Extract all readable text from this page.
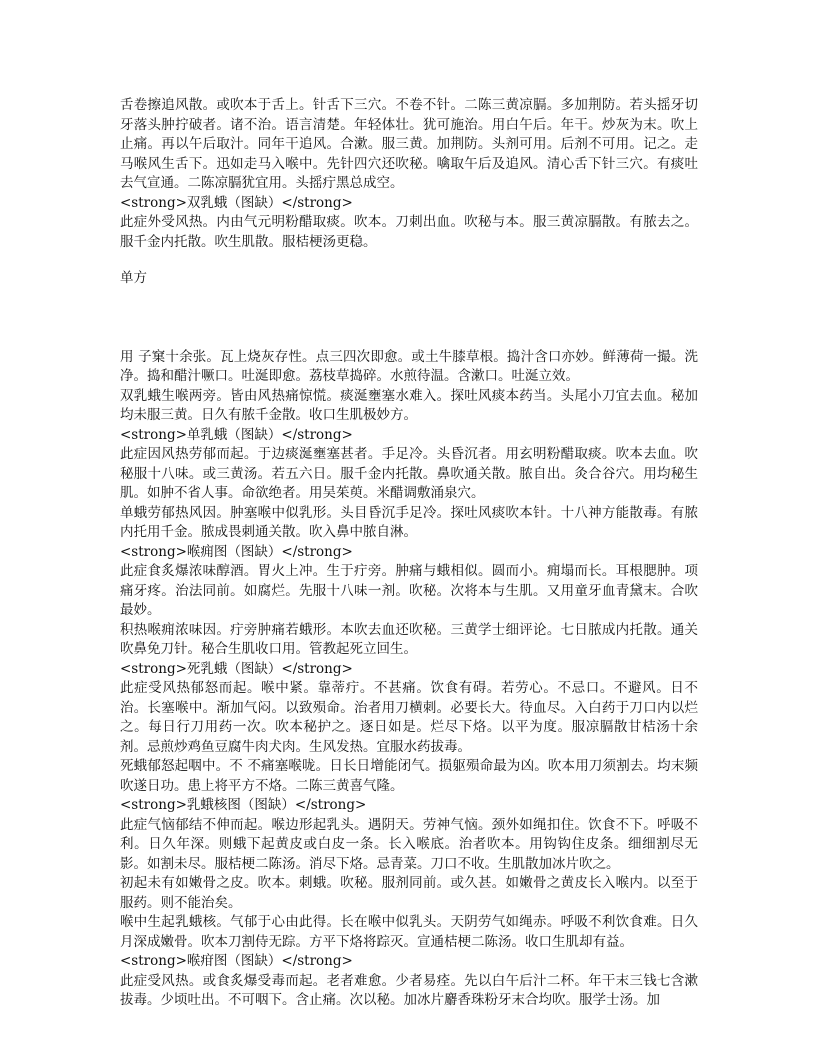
舌卷擦追风散。或吹本于舌上。针舌下三穴。不卷不针。二陈三黄凉膈。多加荆防。若头摇牙切牙落头肿拧破者。诸不治。语言清楚。年轻体壮。犹可施治。用白午后。年干。炒灰为末。吹上止痛。再以午后取汁。同年干追风。合漱。服三黄。加荆防。头剂可用。后剂不可用。记之。走马喉风生舌下。迅如走马入喉中。先针四穴还吹秘。噙取午后及追风。清心舌下针三穴。有痰吐去气宣通。二陈凉膈犹宜用。头摇疔黑总成空。

<strong>双乳蛾（图缺）</strong>

此症外受风热。内由气元明粉醋取痰。吹本。刀刺出血。吹秘与本。服三黄凉膈散。有脓去之。服千金内托散。吹生肌散。服桔梗汤更稳。

单方

用 子窠十余张。瓦上烧灰存性。点三四次即愈。或土牛膝草根。捣汁含口亦妙。鲜薄荷一撮。洗净。捣和醋汁噘口。吐涎即愈。荔枝草捣碎。水煎待温。含漱口。吐涎立效。

双乳蛾生喉两旁。皆由风热痛惊慌。痰涎壅塞水难入。探吐风痰本药当。头尾小刀宜去血。秘加均未服三黄。日久有脓千金散。收口生肌极妙方。

<strong>单乳蛾（图缺）</strong>

此症因风热劳郁而起。于边痰涎壅塞甚者。手足冷。头昏沉者。用玄明粉醋取痰。吹本去血。吹秘服十八味。或三黄汤。若五六日。服千金内托散。鼻吹通关散。脓自出。灸合谷穴。用均秘生肌。如肿不省人事。命欲绝者。用吴茱萸。米醋调敷涌泉穴。

单蛾劳郁热风因。肿塞喉中似乳形。头目昏沉手足冷。探吐风痰吹本针。十八神方能散毒。有脓内托用千金。脓成畏刺通关散。吹入鼻中脓自淋。

<strong>喉痈图（图缺）</strong>

此症食炙爆浓味醇酒。胃火上冲。生于疔旁。肿痛与蛾相似。圆而小。痈塌而长。耳根腮肿。项痛牙疼。治法同前。如腐烂。先服十八味一剂。吹秘。次将本与生肌。又用童牙血青黛末。合吹最妙。

积热喉痈浓味因。疔旁肿痛若蛾形。本吹去血还吹秘。三黄学士细评论。七日脓成内托散。通关吹鼻免刀针。秘合生肌收口用。管教起死立回生。

<strong>死乳蛾（图缺）</strong>

此症受风热郁怒而起。喉中紧。靠蒂疔。不甚痛。饮食有碍。若劳心。不忌口。不避风。日不治。长塞喉中。渐加气闷。以致殒命。治者用刀横刺。必要长大。待血尽。入白药于刀口内以烂之。每日行刀用药一次。吹本秘护之。逐日如是。烂尽下烙。以平为度。服凉膈散甘桔汤十余剂。忌煎炒鸡鱼豆腐牛肉犬肉。生风发热。宜服水药拔毒。

死蛾郁怒起咽中。不 不痛塞喉咙。日长日增能闭气。损躯殒命最为凶。吹本用刀须割去。均末频吹遂日功。患上将平方不烙。二陈三黄喜气隆。

<strong>乳蛾核图（图缺）</strong>

此症气恼郁结不伸而起。喉边形起乳头。遇阴天。劳神气恼。颈外如绳扣住。饮食不下。呼吸不利。日久年深。则蛾下起黄皮或白皮一条。长入喉底。治者吹本。用钩钩住皮条。细细割尽无影。如割未尽。服桔梗二陈汤。消尽下烙。忌青菜。刀口不收。生肌散加冰片吹之。

初起未有如嫩骨之皮。吹本。刺蛾。吹秘。服剂同前。或久甚。如嫩骨之黄皮长入喉内。以至于服药。则不能治矣。

喉中生起乳蛾核。气郁于心由此得。长在喉中似乳头。天阴劳气如绳赤。呼吸不利饮食难。日久月深成嫩骨。吹本刀割侍无踪。方平下烙将踪灭。宣通桔梗二陈汤。收口生肌却有益。

<strong>喉疳图（图缺）</strong>

此症受风热。或食炙爆受毒而起。老者难愈。少者易痊。先以白午后汁二杯。年干末三钱七含漱拔毒。少顷吐出。不可咽下。含止痛。次以秘。加冰片麝香珠粉牙末合均吹。服学士汤。加
